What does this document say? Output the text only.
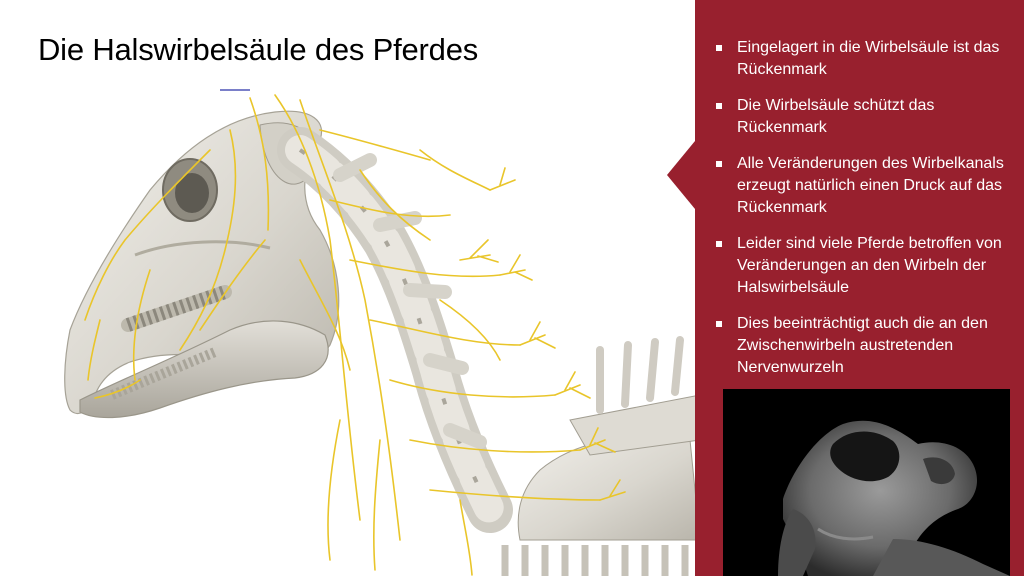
Die Halswirbelsäule des Pferdes	Eingelagert in die Wirbelsäule ist das Rückenmark
Die Wirbelsäule schützt das Rückenmark
Alle Veränderungen des Wirbelkanals erzeugt natürlich einen Druck auf das Rückenmark
Leider sind viele Pferde betroffen von Veränderungen an den Wirbeln der Halswirbelsäule
Dies beeinträchtigt auch die an den Zwischenwirbeln austretenden Nervenwurzeln
